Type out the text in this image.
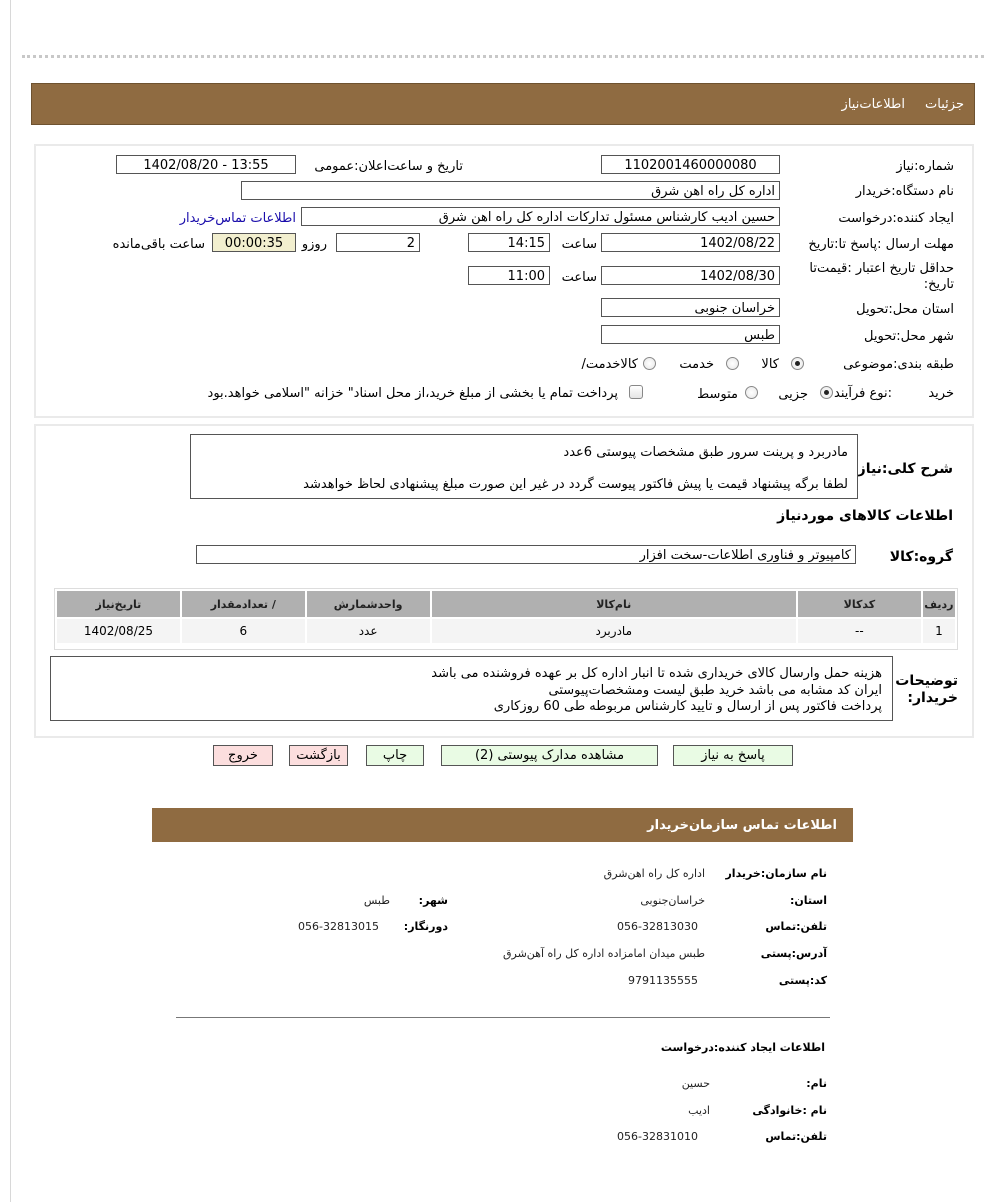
جزئیات
اطلاعات‌نیاز
شماره:نیاز
1102001460000080
تاریخ و ساعت‌اعلان:عمومی
1402/08/20 - 13:55
نام دستگاه:خریدار
اداره کل راه اهن شرق
ایجاد کننده:درخواست
حسین ادیب کارشناس مسئول تدارکات اداره کل راه اهن شرق
اطلاعات تماس‌خریدار
مهلت ارسال :پاسخ تا:تاریخ
1402/08/22
ساعت
14:15
2
روزو
00:00:35
ساعت باقی‌مانده
حداقل تاریخ اعتبار :قیمت‌تا
:تاریخ
1402/08/30
ساعت
11:00
استان محل:تحویل
خراسان جنوبی
شهر محل:تحویل
طبس
طبقه بندی:موضوعی
کالا
خدمت
/کالاخدمت
نوع فرآیند:	خرید
جزیی
متوسط
پرداخت تمام یا بخشی از مبلغ خرید،از محل اسناد" خزانه "اسلامی خواهد.بود
شرح کلی:نیاز
مادربرد و پرینت سرور طبق مشخصات پیوستی 6عدد
لطفا برگه پیشنهاد قیمت یا پیش فاکتور پیوست گردد در غیر این صورت مبلغ پیشنهادی لحاظ خواهدشد
اطلاعات کالاهای موردنیاز
گروه:کالا
کامپیوتر و فناوری اطلاعات-سخت افزار
ردیف	کدکالا	نام‌کالا	واحدشمارش	/ تعدادمقدار	تاریخ‌نیاز
1	--	مادربرد	عدد	6	1402/08/25
توضیحات
:خریدار
هزینه حمل وارسال کالای خریداری شده تا انبار اداره کل بر عهده فروشنده می باشد
ایران کد مشابه می باشد خرید طبق لیست ومشخصات‌پیوستی
پرداخت فاکتور پس از ارسال و تایید کارشناس مربوطه طی 60 روزکاری
پاسخ به نیاز
مشاهده مدارک پیوستی (2)
چاپ
بازگشت
خروج
اطلاعات تماس سازمان‌خریدار
نام سازمان:خریدار
اداره کل راه اهن‌شرق
:استان
خراسان‌جنوبی
:شهر
طبس
تلفن:تماس
056-32813030
:دورنگار
056-32813015
آدرس:پستی
طبس میدان امامزاده اداره کل راه آهن‌شرق
کد:پستی
9791135555
اطلاعات ایجاد کننده:درخواست
:نام
حسین
نام :خانوادگی
ادیب
تلفن:تماس
056-32831010
